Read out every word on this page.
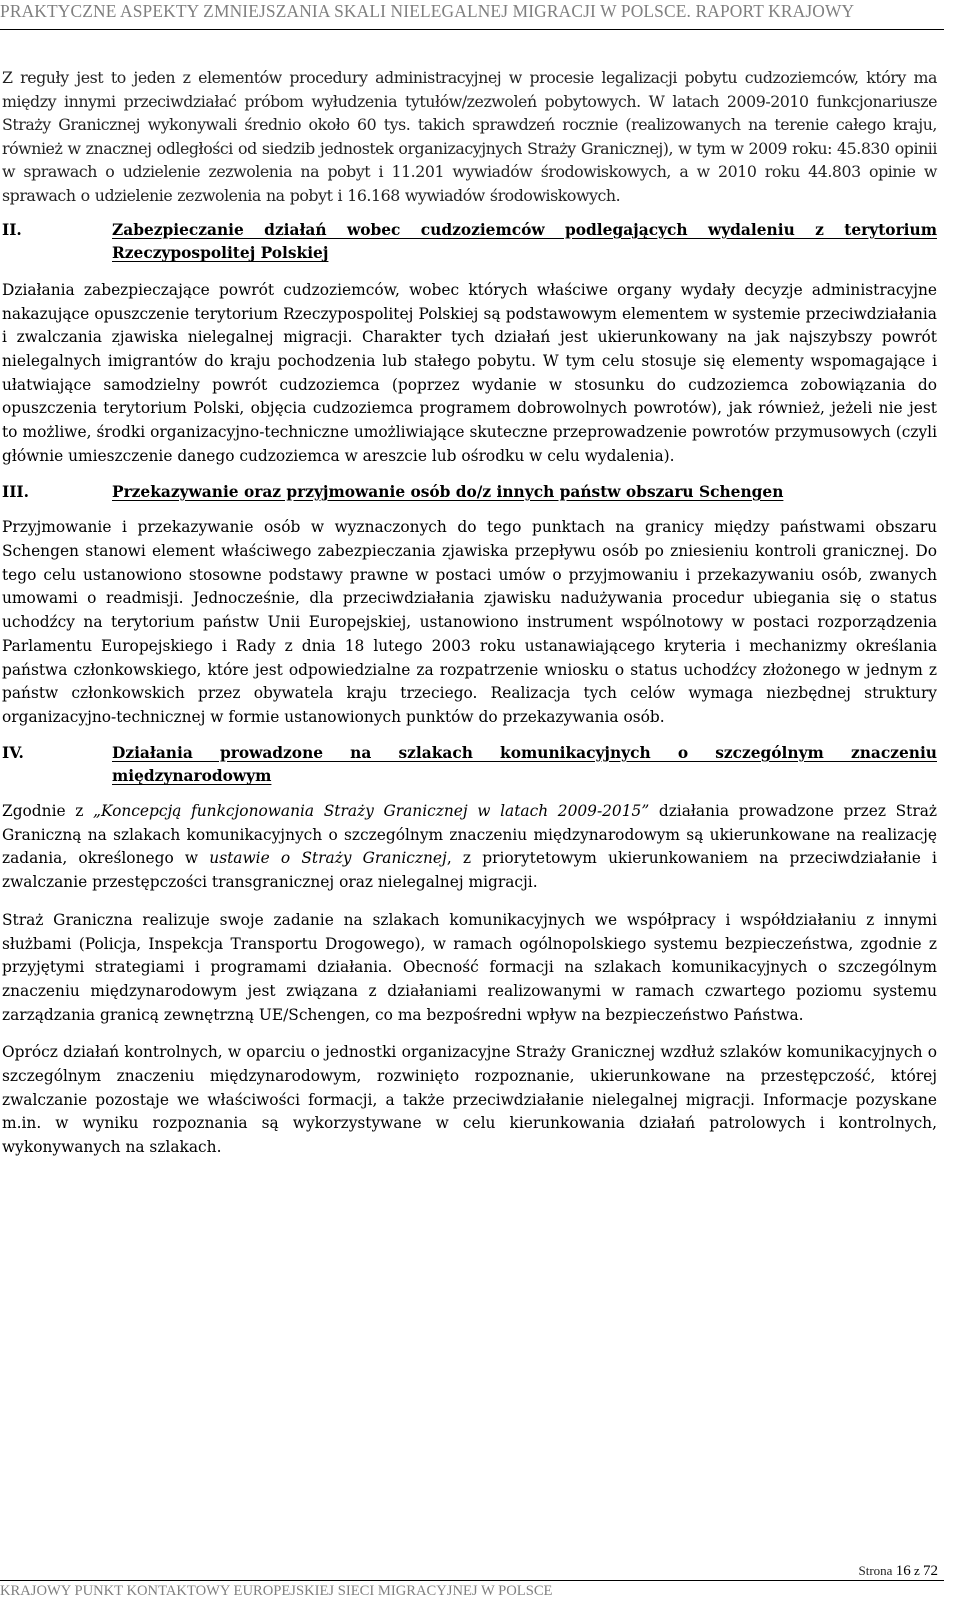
PRAKTYCZNE ASPEKTY ZMNIEJSZANIA SKALI NIELEGALNEJ MIGRACJI W POLSCE. RAPORT KRAJOWY

Z reguły jest to jeden z elementów procedury administracyjnej w procesie legalizacji pobytu cudzoziemców, który ma między innymi przeciwdziałać próbom wyłudzenia tytułów/zezwoleń pobytowych. W latach 2009-2010 funkcjonariusze Straży Granicznej wykonywali średnio około 60 tys. takich sprawdzeń rocznie (realizowanych na terenie całego kraju, również w znacznej odległości od siedzib jednostek organizacyjnych Straży Granicznej), w tym w 2009 roku: 45.830 opinii w sprawach o udzielenie zezwolenia na pobyt i 11.201 wywiadów środowiskowych, a w 2010 roku 44.803 opinie w sprawach o udzielenie zezwolenia na pobyt i 16.168 wywiadów środowiskowych.

II.	Zabezpieczanie działań wobec cudzoziemców podlegających wydaleniu z terytorium Rzeczypospolitej Polskiej

Działania zabezpieczające powrót cudzoziemców, wobec których właściwe organy wydały decyzje administracyjne nakazujące opuszczenie terytorium Rzeczypospolitej Polskiej są podstawowym elementem w systemie przeciwdziałania i zwalczania zjawiska nielegalnej migracji. Charakter tych działań jest ukierunkowany na jak najszybszy powrót nielegalnych imigrantów do kraju pochodzenia lub stałego pobytu. W tym celu stosuje się elementy wspomagające i ułatwiające samodzielny powrót cudzoziemca (poprzez wydanie w stosunku do cudzoziemca zobowiązania do opuszczenia terytorium Polski, objęcia cudzoziemca programem dobrowolnych powrotów), jak również, jeżeli nie jest to możliwe, środki organizacyjno-techniczne umożliwiające skuteczne przeprowadzenie powrotów przymusowych (czyli głównie umieszczenie danego cudzoziemca w areszcie lub ośrodku w celu wydalenia).

III.	Przekazywanie oraz przyjmowanie osób do/z innych państw obszaru Schengen

Przyjmowanie i przekazywanie osób w wyznaczonych do tego punktach na granicy między państwami obszaru Schengen stanowi element właściwego zabezpieczania zjawiska przepływu osób po zniesieniu kontroli granicznej. Do tego celu ustanowiono stosowne podstawy prawne w postaci umów o przyjmowaniu i przekazywaniu osób, zwanych umowami o readmisji. Jednocześnie, dla przeciwdziałania zjawisku nadużywania procedur ubiegania się o status uchodźcy na terytorium państw Unii Europejskiej, ustanowiono instrument wspólnotowy w postaci rozporządzenia Parlamentu Europejskiego i Rady z dnia 18 lutego 2003 roku ustanawiającego kryteria i mechanizmy określania państwa członkowskiego, które jest odpowiedzialne za rozpatrzenie wniosku o status uchodźcy złożonego w jednym z państw członkowskich przez obywatela kraju trzeciego. Realizacja tych celów wymaga niezbędnej struktury organizacyjno-technicznej w formie ustanowionych punktów do przekazywania osób.

IV.	Działania prowadzone na szlakach komunikacyjnych o szczególnym znaczeniu międzynarodowym

Zgodnie z „Koncepcją funkcjonowania Straży Granicznej w latach 2009-2015” działania prowadzone przez Straż Graniczną na szlakach komunikacyjnych o szczególnym znaczeniu międzynarodowym są ukierunkowane na realizację zadania, określonego w ustawie o Straży Granicznej, z priorytetowym ukierunkowaniem na przeciwdziałanie i zwalczanie przestępczości transgranicznej oraz nielegalnej migracji.

Straż Graniczna realizuje swoje zadanie na szlakach komunikacyjnych we współpracy i współdziałaniu z innymi służbami (Policja, Inspekcja Transportu Drogowego), w ramach ogólnopolskiego systemu bezpieczeństwa, zgodnie z przyjętymi strategiami i programami działania. Obecność formacji na szlakach komunikacyjnych o szczególnym znaczeniu międzynarodowym jest związana z działaniami realizowanymi w ramach czwartego poziomu systemu zarządzania granicą zewnętrzną UE/Schengen, co ma bezpośredni wpływ na bezpieczeństwo Państwa.

Oprócz działań kontrolnych, w oparciu o jednostki organizacyjne Straży Granicznej wzdłuż szlaków komunikacyjnych o szczególnym znaczeniu międzynarodowym, rozwinięto rozpoznanie, ukierunkowane na przestępczość, której zwalczanie pozostaje we właściwości formacji, a także przeciwdziałanie nielegalnej migracji. Informacje pozyskane m.in. w wyniku rozpoznania są wykorzystywane w celu kierunkowania działań patrolowych i kontrolnych, wykonywanych na szlakach.

Strona 16 z 72
KRAJOWY PUNKT KONTAKTOWY EUROPEJSKIEJ SIECI MIGRACYJNEJ W POLSCE
